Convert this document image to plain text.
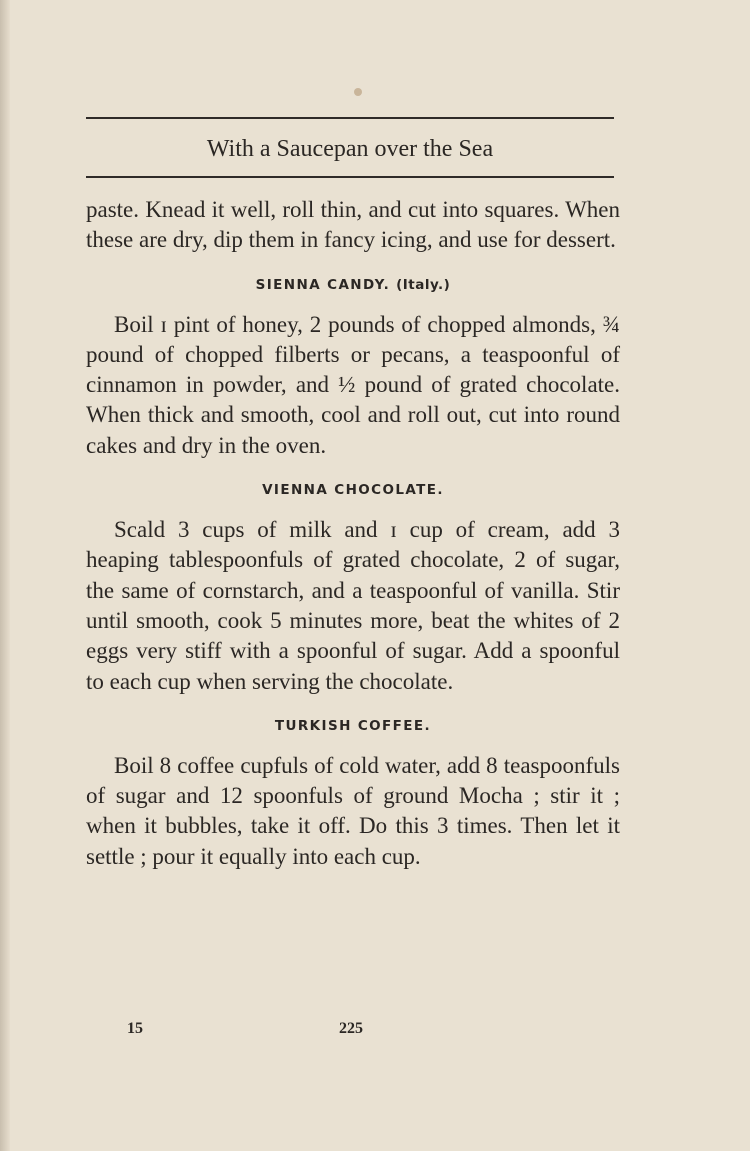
With a Saucepan over the Sea

paste. Knead it well, roll thin, and cut into squares. When these are dry, dip them in fancy icing, and use for dessert.

SIENNA CANDY. (Italy.)

Boil ɪ pint of honey, 2 pounds of chopped almonds, ¾ pound of chopped filberts or pecans, a teaspoonful of cinnamon in powder, and ½ pound of grated chocolate. When thick and smooth, cool and roll out, cut into round cakes and dry in the oven.

VIENNA CHOCOLATE.

Scald 3 cups of milk and ɪ cup of cream, add 3 heaping tablespoonfuls of grated chocolate, 2 of sugar, the same of cornstarch, and a teaspoonful of vanilla. Stir until smooth, cook 5 minutes more, beat the whites of 2 eggs very stiff with a spoonful of sugar. Add a spoonful to each cup when serving the chocolate.

TURKISH COFFEE.

Boil 8 coffee cupfuls of cold water, add 8 teaspoonfuls of sugar and 12 spoonfuls of ground Mocha ; stir it ; when it bubbles, take it off. Do this 3 times. Then let it settle ; pour it equally into each cup.

15	225
